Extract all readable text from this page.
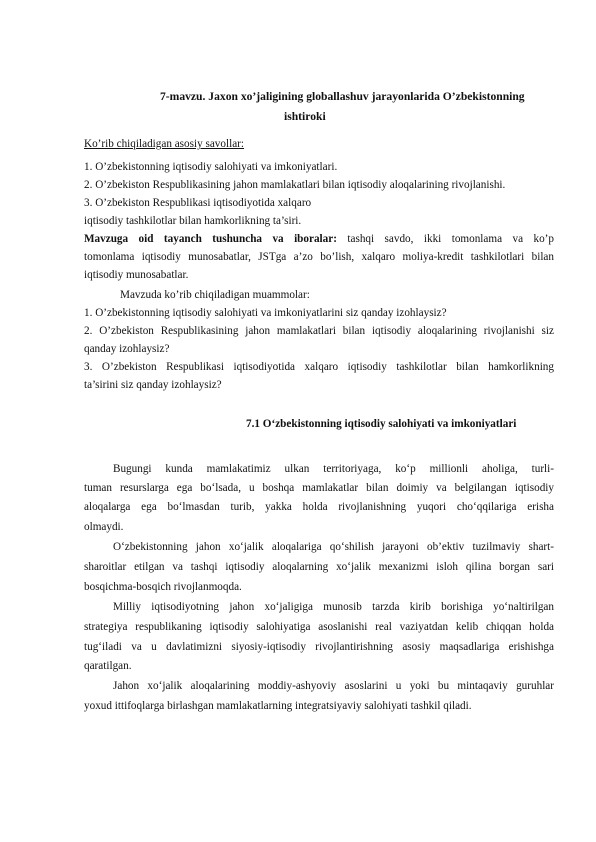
7-mavzu. Jaxon xo’jaligining globallashuv jarayonlarida O’zbekistonning
ishtiroki
Ko’rib chiqiladigan asosiy savollar:
1. O’zbekistonning iqtisodiy salohiyati va imkoniyatlari.
2. O’zbekiston Respublikasining jahon mamlakatlari bilan iqtisodiy aloqalarining rivojlanishi.
3. O’zbekiston Respublikasi iqtisodiyotida xalqaro
iqtisodiy tashkilotlar bilan hamkorlikning ta’siri.
Mavzuga oid tayanch tushuncha va iboralar: tashqi savdo, ikki tomonlama va ko’p
tomonlama iqtisodiy munosabatlar, JSTga a’zo bo’lish, xalqaro moliya-kredit tashkilotlari bilan
iqtisodiy munosabatlar.
Mavzuda ko’rib chiqiladigan muammolar:
1. O’zbekistonning iqtisodiy salohiyati va imkoniyatlarini siz qanday izohlaysiz?
2. O’zbekiston Respublikasining jahon mamlakatlari bilan iqtisodiy aloqalarining rivojlanishi siz
qanday izohlaysiz?
3. O’zbekiston Respublikasi iqtisodiyotida xalqaro iqtisodiy tashkilotlar bilan hamkorlikning
ta’sirini siz qanday izohlaysiz?
7.1 O‘zbekistonning iqtisodiy salohiyati va imkoniyatlari
Bugungi kunda mamlakatimiz ulkan territoriyaga, ko‘p millionli aholiga, turli-
tuman resurslarga ega bo‘lsada, u boshqa mamlakatlar bilan doimiy va belgilangan iqtisodiy
aloqalarga ega bo‘lmasdan turib, yakka holda rivojlanishning yuqori cho‘qqilariga erisha
olmaydi.
O‘zbekistonning jahon xo‘jalik aloqalariga qo‘shilish jarayoni ob’ektiv tuzilmaviy shart-
sharoitlar etilgan va tashqi iqtisodiy aloqalarning xo‘jalik mexanizmi isloh qilina borgan sari
bosqichma-bosqich rivojlanmoqda.
Milliy iqtisodiyotning jahon xo‘jaligiga munosib tarzda kirib borishiga yo‘naltirilgan
strategiya respublikaning iqtisodiy salohiyatiga asoslanishi real vaziyatdan kelib chiqqan holda
tug‘iladi va u davlatimizni siyosiy-iqtisodiy rivojlantirishning asosiy maqsadlariga erishishga
qaratilgan.
Jahon xo‘jalik aloqalarining moddiy-ashyoviy asoslarini u yoki bu mintaqaviy guruhlar
yoxud ittifoqlarga birlashgan mamlakatlarning integratsiyaviy salohiyati tashkil qiladi.
